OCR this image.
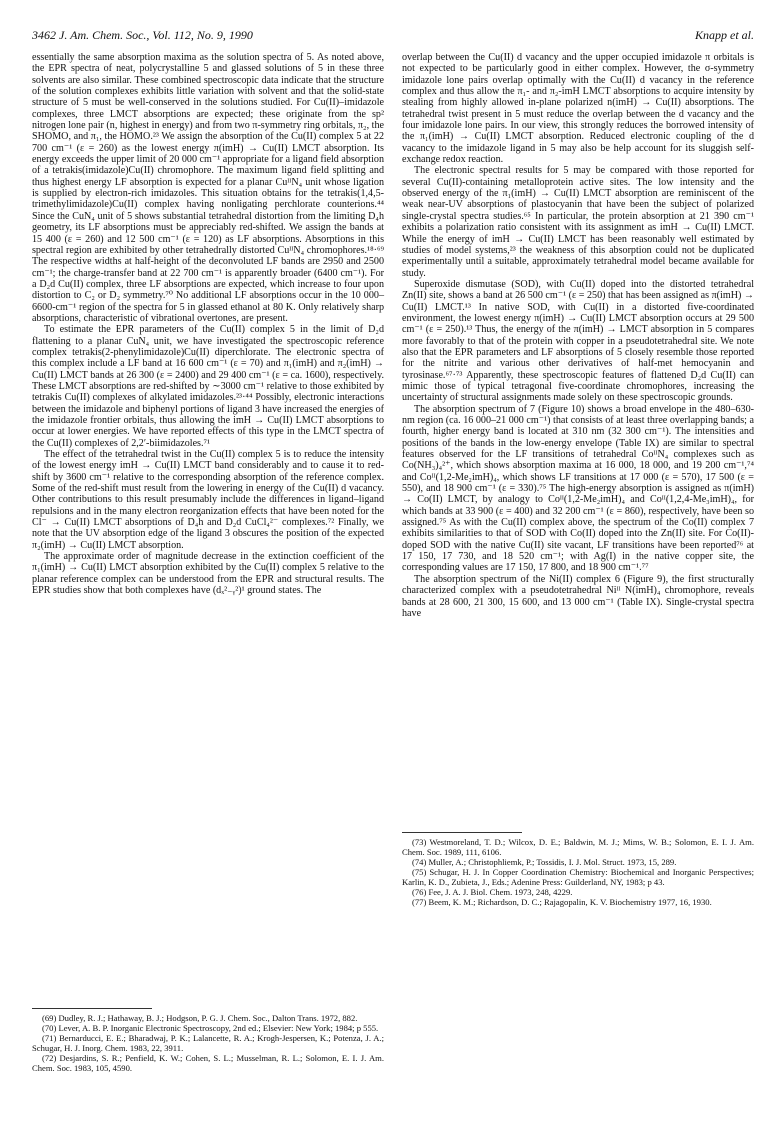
3462 J. Am. Chem. Soc., Vol. 112, No. 9, 1990	Knapp et al.

essentially the same absorption maxima as the solution spectra of 5. As noted above, the EPR spectra of neat, polycrystalline 5 and glassed solutions of 5 in these three solvents are also similar. These combined spectroscopic data indicate that the structure of the solution complexes exhibits little variation with solvent and that the solid-state structure of 5 must be well-conserved in the solutions studied. For Cu(II)–imidazole complexes, three LMCT absorptions are expected; these originate from the sp² nitrogen lone pair (n, highest in energy) and from two π-symmetry ring orbitals, π₂, the SHOMO, and π₁, the HOMO.²³ We assign the absorption of the Cu(II) complex 5 at 22 700 cm⁻¹ (ε = 260) as the lowest energy π(imH) → Cu(II) LMCT absorption. Its energy exceeds the upper limit of 20 000 cm⁻¹ appropriate for a ligand field absorption of a tetrakis(imidazole)Cu(II) chromophore. The maximum ligand field splitting and thus highest energy LF absorption is expected for a planar CuᴵᴵN₄ unit whose ligation is supplied by electron-rich imidazoles. This situation obtains for the tetrakis(1,4,5-trimethylimidazole)Cu(II) complex having nonligating perchlorate counterions.⁴⁴ Since the CuN₄ unit of 5 shows substantial tetrahedral distortion from the limiting D₄h geometry, its LF absorptions must be appreciably red-shifted. We assign the bands at 15 400 (ε = 260) and 12 500 cm⁻¹ (ε = 120) as LF absorptions. Absorptions in this spectral region are exhibited by other tetrahedrally distorted CuᴵᴵN₄ chromophores.¹⁸·⁶⁹ The respective widths at half-height of the deconvoluted LF bands are 2950 and 2500 cm⁻¹; the charge-transfer band at 22 700 cm⁻¹ is apparently broader (6400 cm⁻¹). For a D₂d Cu(II) complex, three LF absorptions are expected, which increase to four upon distortion to C₂ or D₂ symmetry.⁷⁰ No additional LF absorptions occur in the 10 000–6600-cm⁻¹ region of the spectra for 5 in glassed ethanol at 80 K. Only relatively sharp absorptions, characteristic of vibrational overtones, are present.

To estimate the EPR parameters of the Cu(II) complex 5 in the limit of D₂d flattening to a planar CuN₄ unit, we have investigated the spectroscopic reference complex tetrakis(2-phenylimidazole)Cu(II) diperchlorate. The electronic spectra of this complex include a LF band at 16 600 cm⁻¹ (ε = 70) and π₁(imH) and π₂(imH) → Cu(II) LMCT bands at 26 300 (ε = 2400) and 29 400 cm⁻¹ (ε = ca. 1600), respectively. These LMCT absorptions are red-shifted by ∼3000 cm⁻¹ relative to those exhibited by tetrakis Cu(II) complexes of alkylated imidazoles.²³·⁴⁴ Possibly, electronic interactions between the imidazole and biphenyl portions of ligand 3 have increased the energies of the imidazole frontier orbitals, thus allowing the imH → Cu(II) LMCT absorptions to occur at lower energies. We have reported effects of this type in the LMCT spectra of the Cu(II) complexes of 2,2′-biimidazoles.⁷¹

The effect of the tetrahedral twist in the Cu(II) complex 5 is to reduce the intensity of the lowest energy imH → Cu(II) LMCT band considerably and to cause it to red-shift by 3600 cm⁻¹ relative to the corresponding absorption of the reference complex. Some of the red-shift must result from the lowering in energy of the Cu(II) d vacancy. Other contributions to this result presumably include the differences in ligand–ligand repulsions and in the many electron reorganization effects that have been noted for the Cl⁻ → Cu(II) LMCT absorptions of D₄h and D₂d CuCl₄²⁻ complexes.⁷² Finally, we note that the UV absorption edge of the ligand 3 obscures the position of the expected π₂(imH) → Cu(II) LMCT absorption.

The approximate order of magnitude decrease in the extinction coefficient of the π₁(imH) → Cu(II) LMCT absorption exhibited by the Cu(II) complex 5 relative to the planar reference complex can be understood from the EPR and structural results. The EPR studies show that both complexes have (dₓ²₋ᵧ²)¹ ground states. The

overlap between the Cu(II) d vacancy and the upper occupied imidazole π orbitals is not expected to be particularly good in either complex. However, the σ-symmetry imidazole lone pairs overlap optimally with the Cu(II) d vacancy in the reference complex and thus allow the π₁- and π₂-imH LMCT absorptions to acquire intensity by stealing from highly allowed in-plane polarized n(imH) → Cu(II) absorptions. The tetrahedral twist present in 5 must reduce the overlap between the d vacancy and the four imidazole lone pairs. In our view, this strongly reduces the borrowed intensity of the π₁(imH) → Cu(II) LMCT absorption. Reduced electronic coupling of the d vacancy to the imidazole ligand in 5 may also be help account for its sluggish self-exchange redox reaction.

The electronic spectral results for 5 may be compared with those reported for several Cu(II)-containing metalloprotein active sites. The low intensity and the observed energy of the π₁(imH) → Cu(II) LMCT absorption are reminiscent of the weak near-UV absorptions of plastocyanin that have been the subject of polarized single-crystal spectra studies.⁶⁵ In particular, the protein absorption at 21 390 cm⁻¹ exhibits a polarization ratio consistent with its assignment as imH → Cu(II) LMCT. While the energy of imH → Cu(II) LMCT has been reasonably well estimated by studies of model systems,²³ the weakness of this absorption could not be duplicated experimentally until a suitable, approximately tetrahedral model became available for study.

Superoxide dismutase (SOD), with Cu(II) doped into the distorted tetrahedral Zn(II) site, shows a band at 26 500 cm⁻¹ (ε = 250) that has been assigned as π(imH) → Cu(II) LMCT.¹³ In native SOD, with Cu(II) in a distorted five-coordinated environment, the lowest energy π(imH) → Cu(II) LMCT absorption occurs at 29 500 cm⁻¹ (ε = 250).¹³ Thus, the energy of the π(imH) → LMCT absorption in 5 compares more favorably to that of the protein with copper in a pseudotetrahedral site. We note also that the EPR parameters and LF absorptions of 5 closely resemble those reported for the nitrite and various other derivatives of half-met hemocyanin and tyrosinase.⁶⁷·⁷³ Apparently, these spectroscopic features of flattened D₂d Cu(II) can mimic those of typical tetragonal five-coordinate chromophores, increasing the uncertainty of structural assignments made solely on these spectroscopic grounds.

The absorption spectrum of 7 (Figure 10) shows a broad envelope in the 480–630-nm region (ca. 16 000–21 000 cm⁻¹) that consists of at least three overlapping bands; a fourth, higher energy band is located at 310 nm (32 300 cm⁻¹). The intensities and positions of the bands in the low-energy envelope (Table IX) are similar to spectral features observed for the LF transitions of tetrahedral CoᴵᴵN₄ complexes such as Co(NH₃)₄²⁺, which shows absorption maxima at 16 000, 18 000, and 19 200 cm⁻¹,⁷⁴ and Coᴵᴵ(1,2-Me₂imH)₄, which shows LF transitions at 17 000 (ε = 570), 17 500 (ε = 550), and 18 900 cm⁻¹ (ε = 330).⁷⁵ The high-energy absorption is assigned as π(imH) → Co(II) LMCT, by analogy to Coᴵᴵ(1,2-Me₂imH)₄ and Coᴵᴵ(1,2,4-Me₃imH)₄, for which bands at 33 900 (ε = 400) and 32 200 cm⁻¹ (ε = 860), respectively, have been so assigned.⁷⁵ As with the Cu(II) complex above, the spectrum of the Co(II) complex 7 exhibits similarities to that of SOD with Co(II) doped into the Zn(II) site. For Co(II)-doped SOD with the native Cu(II) site vacant, LF transitions have been reported⁷⁶ at 17 150, 17 730, and 18 520 cm⁻¹; with Ag(I) in the native copper site, the corresponding values are 17 150, 17 800, and 18 900 cm⁻¹.⁷⁷

The absorption spectrum of the Ni(II) complex 6 (Figure 9), the first structurally characterized complex with a pseudotetrahedral Niᴵᴵ N(imH)₄ chromophore, reveals bands at 28 600, 21 300, 15 600, and 13 000 cm⁻¹ (Table IX). Single-crystal spectra have

(69) Dudley, R. J.; Hathaway, B. J.; Hodgson, P. G. J. Chem. Soc., Dalton Trans. 1972, 882.

(70) Lever, A. B. P. Inorganic Electronic Spectroscopy, 2nd ed.; Elsevier: New York; 1984; p 555.

(71) Bernarducci, E. E.; Bharadwaj, P. K.; Lalancette, R. A.; Krogh-Jespersen, K.; Potenza, J. A.; Schugar, H. J. Inorg. Chem. 1983, 22, 3911.

(72) Desjardins, S. R.; Penfield, K. W.; Cohen, S. L.; Musselman, R. L.; Solomon, E. I. J. Am. Chem. Soc. 1983, 105, 4590.

(73) Westmoreland, T. D.; Wilcox, D. E.; Baldwin, M. J.; Mims, W. B.; Solomon, E. I. J. Am. Chem. Soc. 1989, 111, 6106.

(74) Muller, A.; Christophliemk, P.; Tossidis, I. J. Mol. Struct. 1973, 15, 289.

(75) Schugar, H. J. In Copper Coordination Chemistry: Biochemical and Inorganic Perspectives; Karlin, K. D., Zubieta, J., Eds.; Adenine Press: Guilderland, NY, 1983; p 43.

(76) Fee, J. A. J. Biol. Chem. 1973, 248, 4229.

(77) Beem, K. M.; Richardson, D. C.; Rajagopalin, K. V. Biochemistry 1977, 16, 1930.
